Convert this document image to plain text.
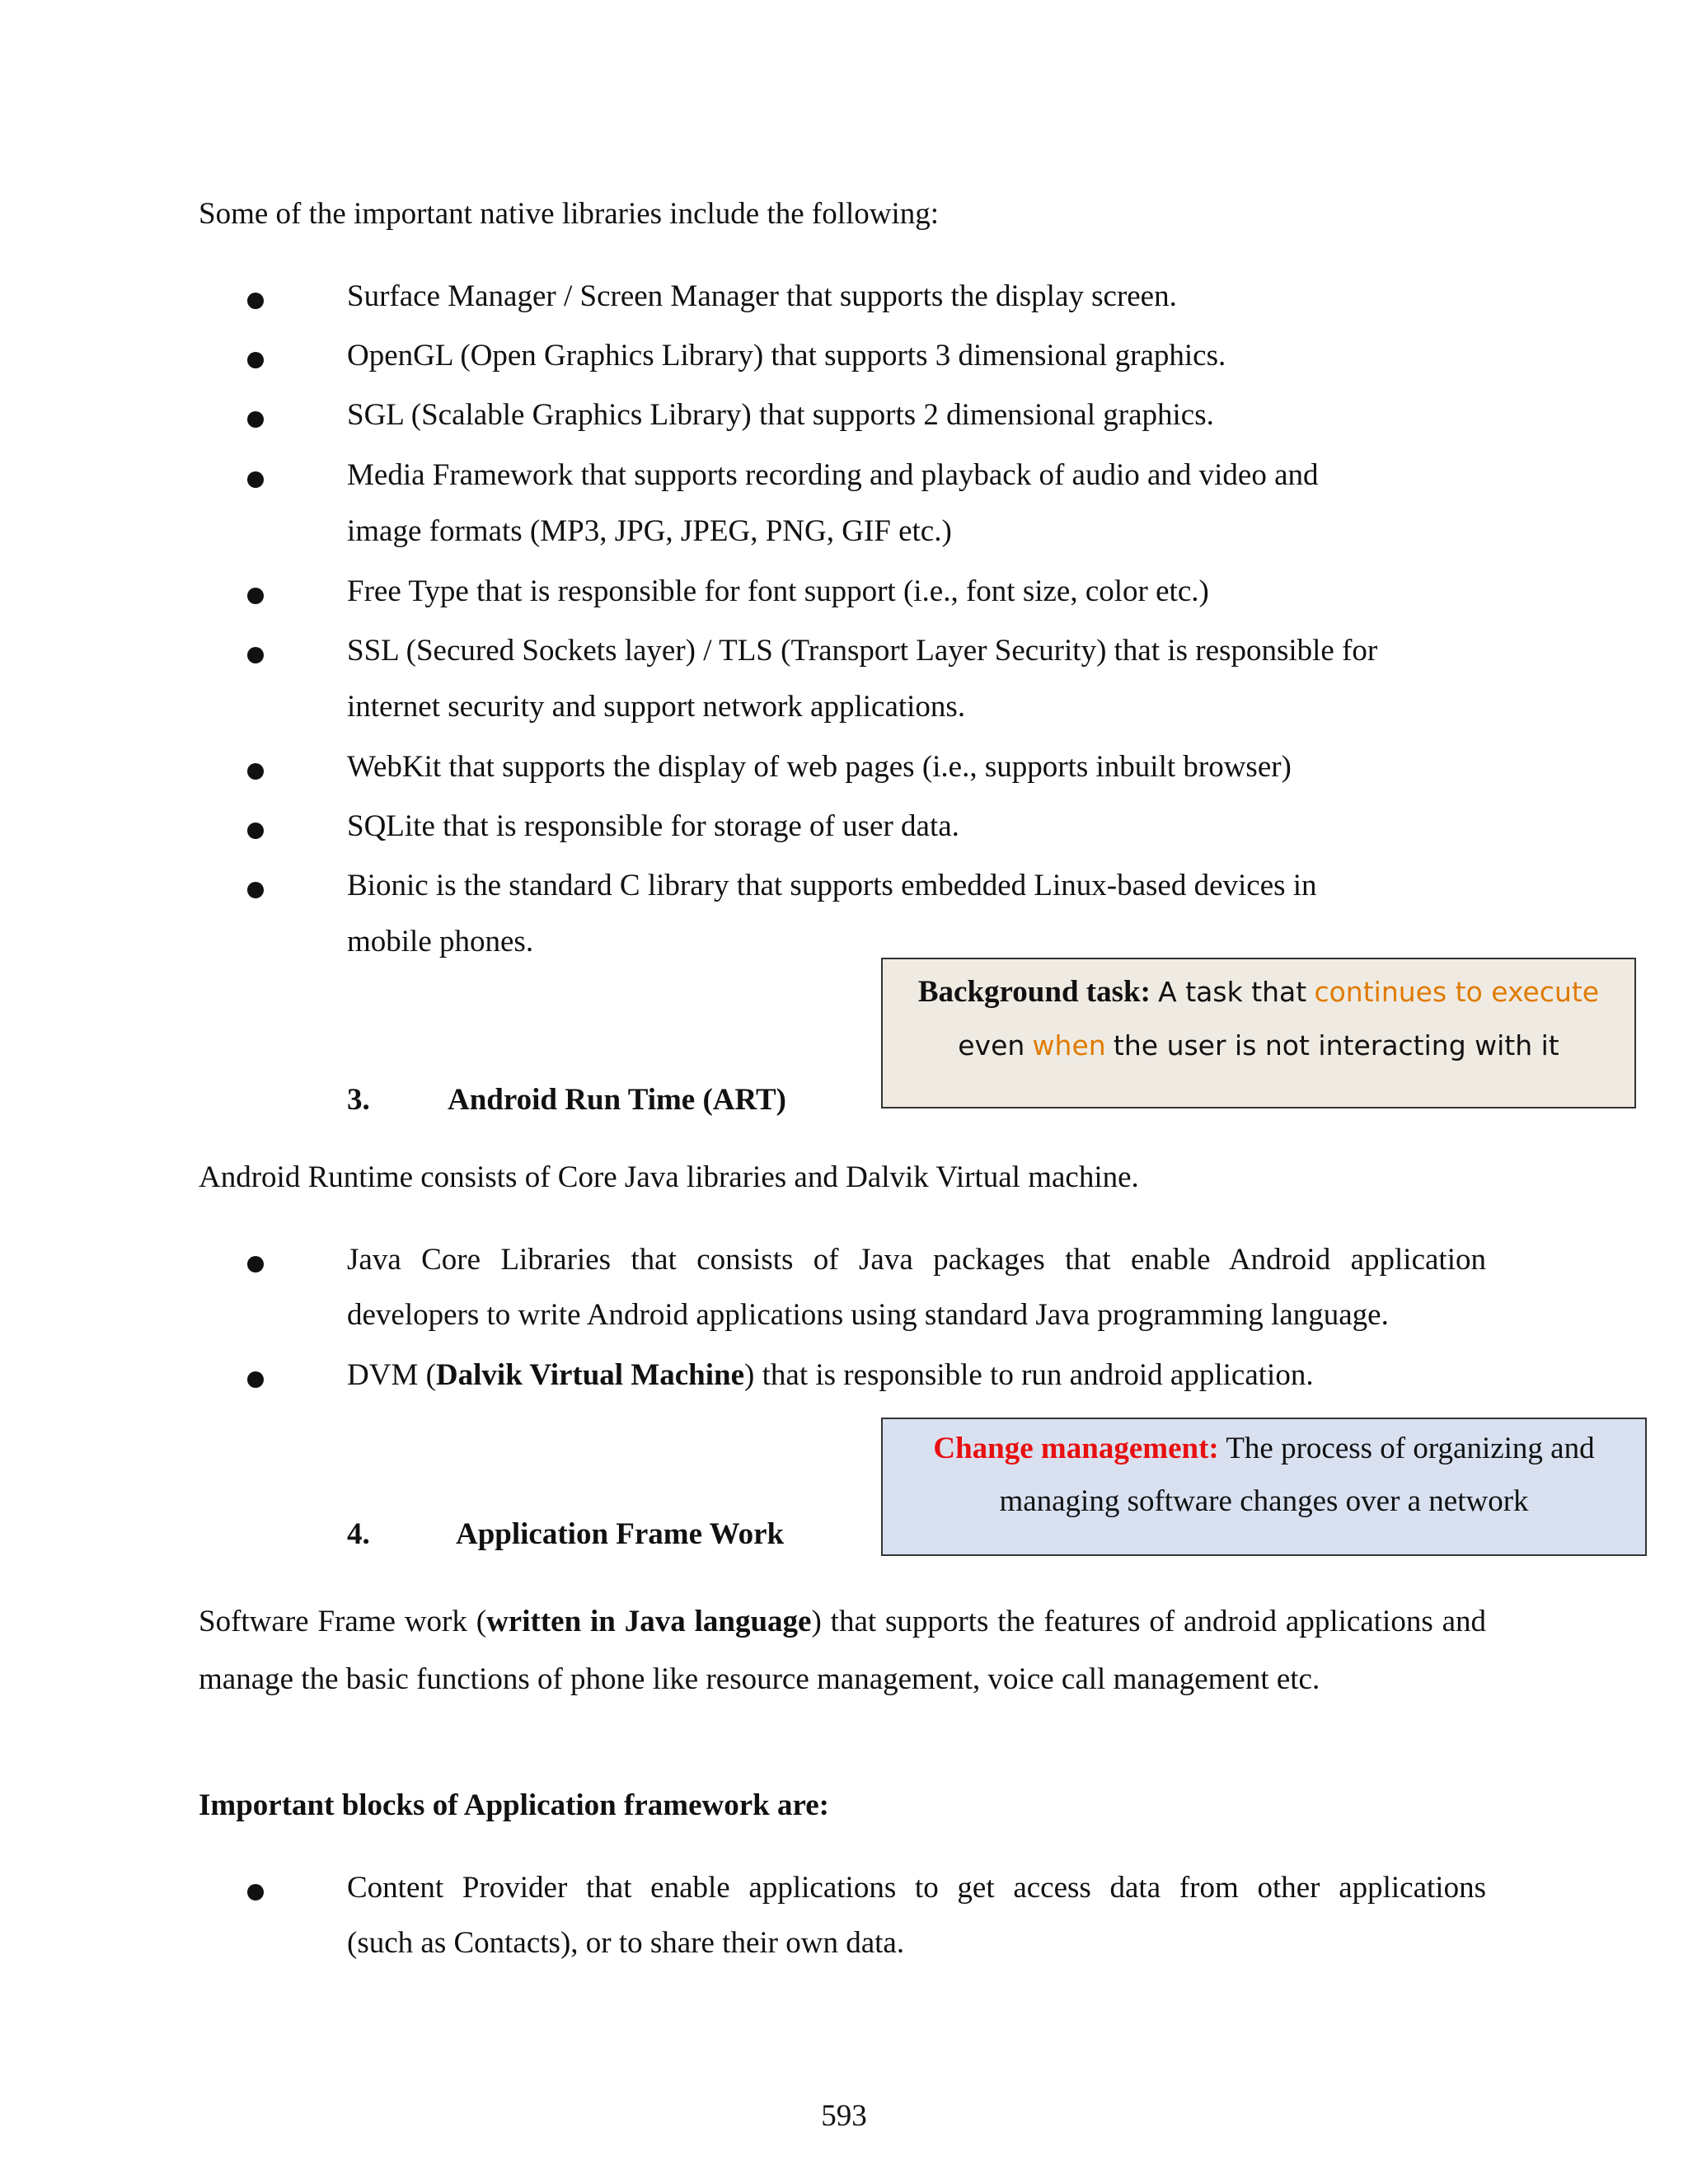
Some of the important native libraries include the following:
Surface Manager / Screen Manager that supports the display screen.
OpenGL (Open Graphics Library) that supports 3 dimensional graphics.
SGL (Scalable Graphics Library) that supports 2 dimensional graphics.
Media Framework that supports recording and playback of audio and video and
image formats (MP3, JPG, JPEG, PNG, GIF etc.)
Free Type that is responsible for font support (i.e., font size, color etc.)
SSL (Secured Sockets layer) / TLS (Transport Layer Security) that is responsible for
internet security and support network applications.
WebKit that supports the display of web pages (i.e., supports inbuilt browser)
SQLite that is responsible for storage of user data.
Bionic is the standard C library that supports embedded Linux-based devices in
mobile phones.
Background task: A task that continues to execute
even when the user is not interacting with it
3.	Android Run Time (ART)
Android Runtime consists of Core Java libraries and Dalvik Virtual machine.
Java Core Libraries that consists of Java packages that enable Android application
developers to write Android applications using standard Java programming language.
DVM (Dalvik Virtual Machine) that is responsible to run android application.
Change management: The process of organizing and
managing software changes over a network
4.	Application Frame Work
Software Frame work (written in Java language) that supports the features of android applications and manage the basic functions of phone like resource management, voice call management etc.
Important blocks of Application framework are:
Content Provider that enable applications to get access data from other applications
(such as Contacts), or to share their own data.
593
